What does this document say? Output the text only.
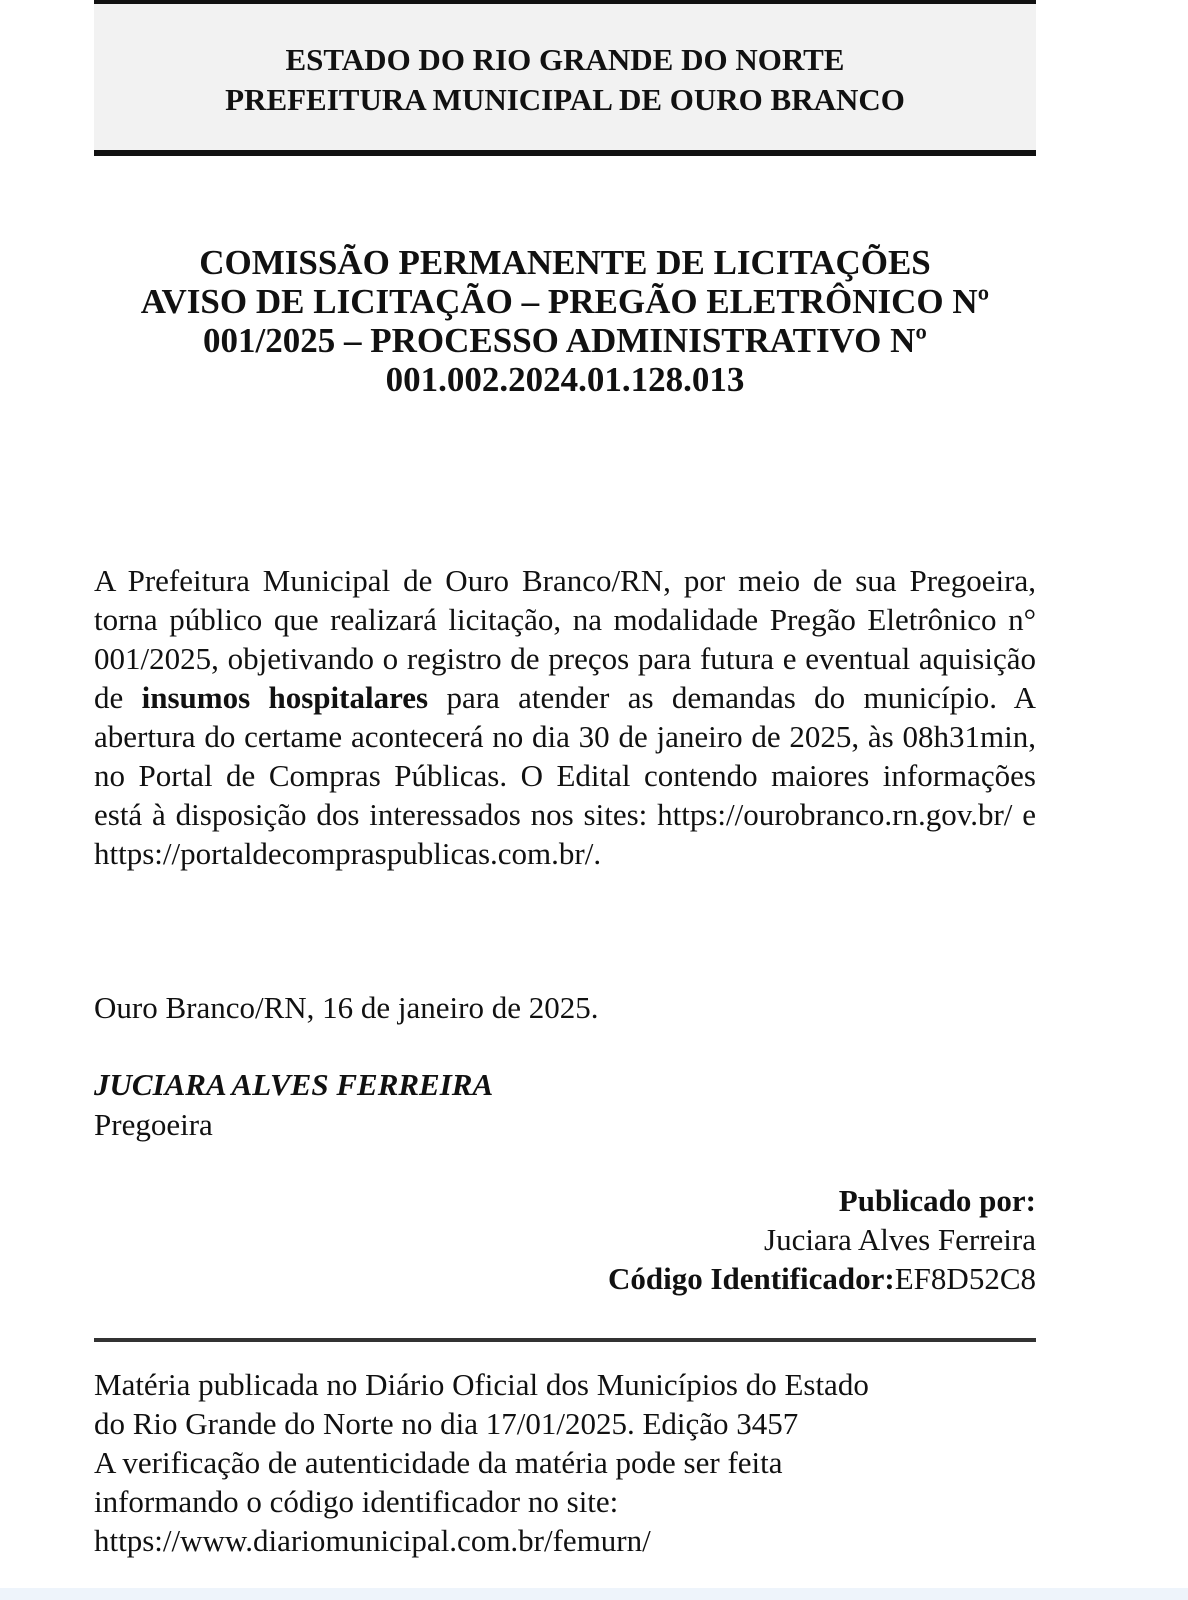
ESTADO DO RIO GRANDE DO NORTE
PREFEITURA MUNICIPAL DE OURO BRANCO
COMISSÃO PERMANENTE DE LICITAÇÕES
AVISO DE LICITAÇÃO – PREGÃO ELETRÔNICO Nº
001/2025 – PROCESSO ADMINISTRATIVO Nº
001.002.2024.01.128.013
A Prefeitura Municipal de Ouro Branco/RN, por meio de sua Pregoeira, torna público que realizará licitação, na modalidade Pregão Eletrônico n° 001/2025, objetivando o registro de preços para futura e eventual aquisição de insumos hospitalares para atender as demandas do município. A abertura do certame acontecerá no dia 30 de janeiro de 2025, às 08h31min, no Portal de Compras Públicas. O Edital contendo maiores informações está à disposição dos interessados nos sites: https://ourobranco.rn.gov.br/ e https://portaldecompraspublicas.com.br/.
Ouro Branco/RN, 16 de janeiro de 2025.
JUCIARA ALVES FERREIRA
Pregoeira
Publicado por:
Juciara Alves Ferreira
Código Identificador:EF8D52C8
Matéria publicada no Diário Oficial dos Municípios do Estado
do Rio Grande do Norte no dia 17/01/2025. Edição 3457
A verificação de autenticidade da matéria pode ser feita
informando o código identificador no site:
https://www.diariomunicipal.com.br/femurn/
